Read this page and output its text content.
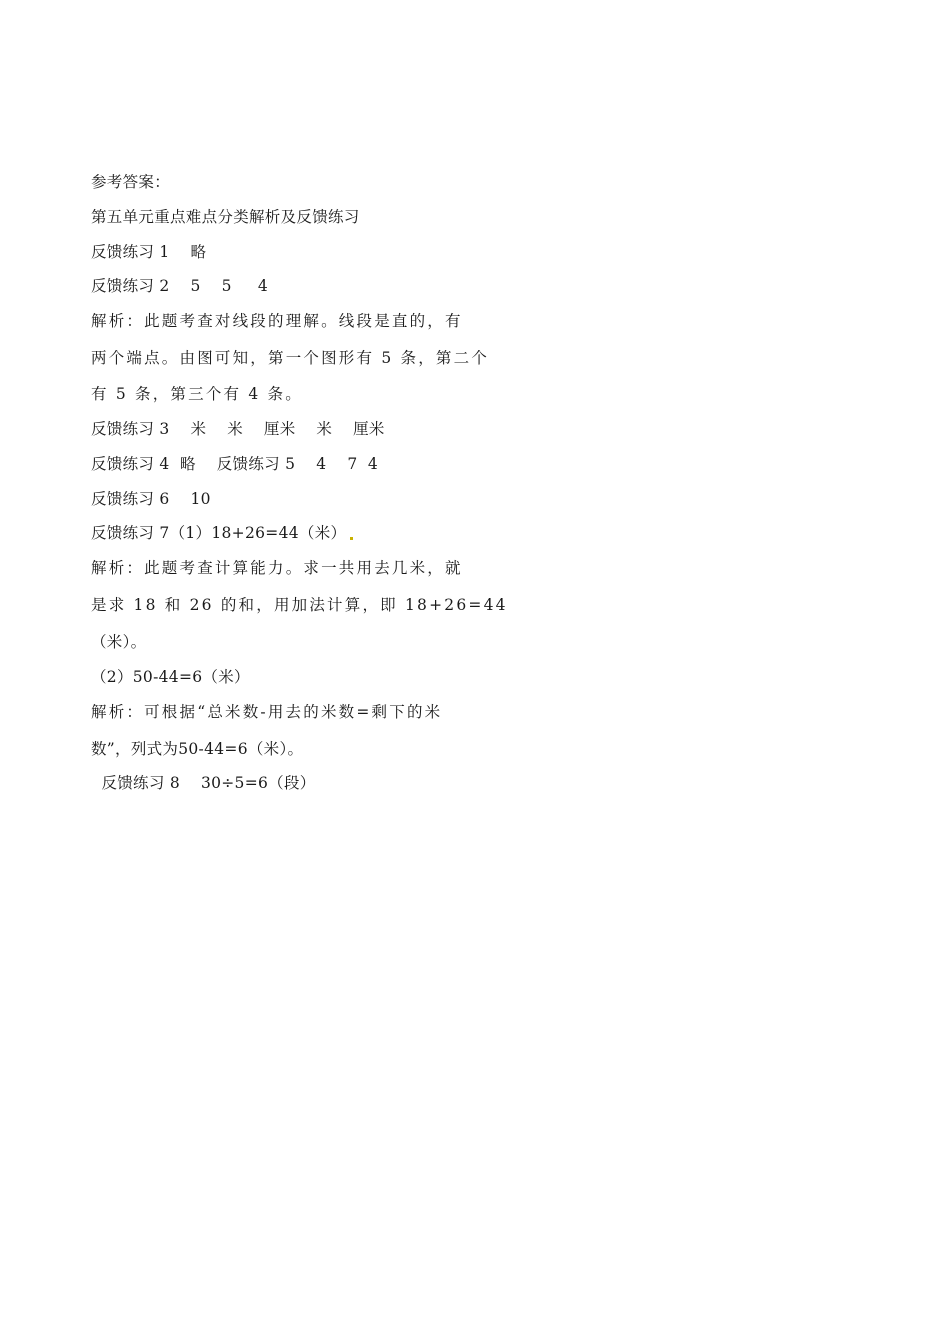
参考答案：
第五单元重点难点分类解析及反馈练习
反馈练习 1    略
反馈练习 2    5    5     4
解析：此题考查对线段的理解。线段是直的，有
两个端点。由图可知，第一个图形有 5 条，第二个
有 5 条，第三个有 4 条。
反馈练习 3    米    米    厘米    米    厘米
反馈练习 4  略    反馈练习 5    4    7  4
反馈练习 6    10
反馈练习 7（1）18+26=44（米）
解析：此题考查计算能力。求一共用去几米，就
是求 18 和 26 的和，用加法计算，即 18+26=44
（米）。
（2）50-44=6（米）
解析：可根据“总米数-用去的米数=剩下的米
数”，列式为50-44=6（米）。
反馈练习 8    30÷5=6（段）
